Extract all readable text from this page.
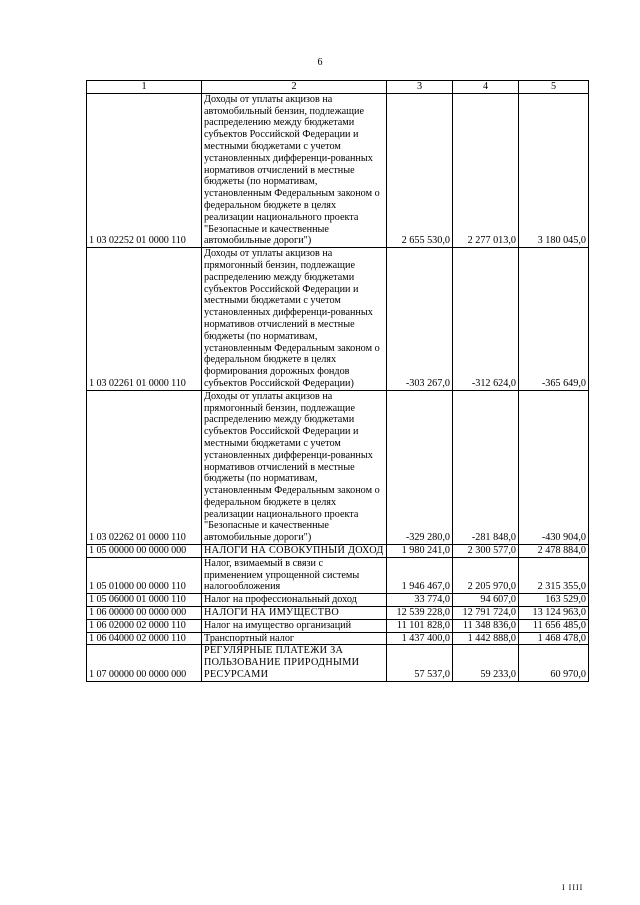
6
1	2	3	4	5
1 03 02252 01 0000 110	Доходы от уплаты акцизов на автомобильный бензин, подлежащие распределению между бюджетами субъектов Российской Федерации и местными бюджетами с учетом установленных дифференци-рованных нормативов отчислений в местные бюджеты (по нормативам, установленным Федеральным законом о федеральном бюджете в целях реализации национального проекта "Безопасные и качественные автомобильные дороги")	2 655 530,0	2 277 013,0	3 180 045,0
1 03 02261 01 0000 110	Доходы от уплаты акцизов на прямогонный бензин, подлежащие распределению между бюджетами субъектов Российской Федерации и местными бюджетами с учетом установленных дифференци-рованных нормативов отчислений в местные бюджеты (по нормативам, установленным Федеральным законом о федеральном бюджете в целях формирования дорожных фондов субъектов Российской Федерации)	-303 267,0	-312 624,0	-365 649,0
1 03 02262 01 0000 110	Доходы от уплаты акцизов на прямогонный бензин, подлежащие распределению между бюджетами субъектов Российской Федерации и местными бюджетами с учетом установленных дифференци-рованных нормативов отчислений в местные бюджеты (по нормативам, установленным Федеральным законом о федеральном бюджете в целях реализации национального проекта "Безопасные и качественные автомобильные дороги")	-329 280,0	-281 848,0	-430 904,0
1 05 00000 00 0000 000	НАЛОГИ НА СОВОКУПНЫЙ ДОХОД	1 980 241,0	2 300 577,0	2 478 884,0
1 05 01000 00 0000 110	Налог, взимаемый в связи с применением упрощенной системы налогообложения	1 946 467,0	2 205 970,0	2 315 355,0
1 05 06000 01 0000 110	Налог на профессиональный доход	33 774,0	94 607,0	163 529,0
1 06 00000 00 0000 000	НАЛОГИ НА ИМУЩЕСТВО	12 539 228,0	12 791 724,0	13 124 963,0
1 06 02000 02 0000 110	Налог на имущество организаций	11 101 828,0	11 348 836,0	11 656 485,0
1 06 04000 02 0000 110	Транспортный налог	1 437 400,0	1 442 888,0	1 468 478,0
1 07 00000 00 0000 000	РЕГУЛЯРНЫЕ ПЛАТЕЖИ ЗА ПОЛЬЗОВАНИЕ ПРИРОДНЫМИ РЕСУРСАМИ	57 537,0	59 233,0	60 970,0
I IIII
